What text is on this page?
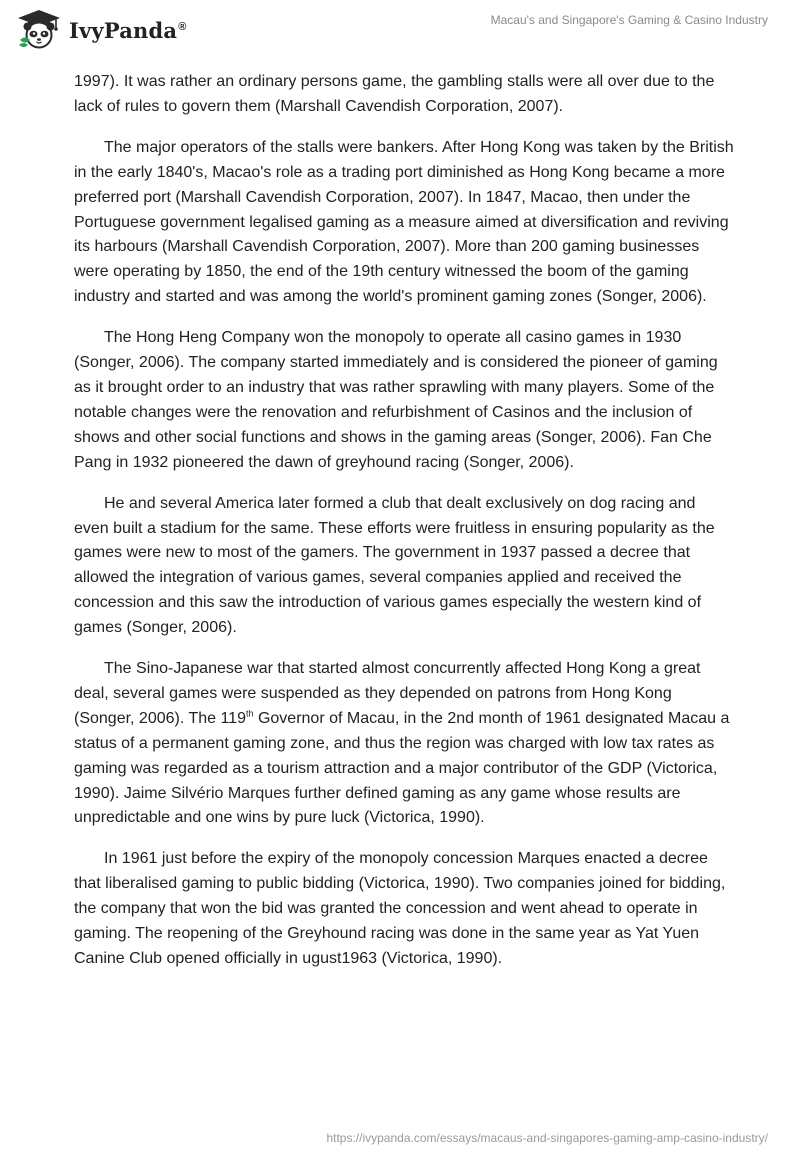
IvyPanda®	Macau's and Singapore's Gaming & Casino Industry

1997). It was rather an ordinary persons game, the gambling stalls were all over due to the lack of rules to govern them (Marshall Cavendish Corporation, 2007).

The major operators of the stalls were bankers. After Hong Kong was taken by the British in the early 1840's, Macao's role as a trading port diminished as Hong Kong became a more preferred port (Marshall Cavendish Corporation, 2007). In 1847, Macao, then under the Portuguese government legalised gaming as a measure aimed at diversification and reviving its harbours (Marshall Cavendish Corporation, 2007). More than 200 gaming businesses were operating by 1850, the end of the 19th century witnessed the boom of the gaming industry and started and was among the world's prominent gaming zones (Songer, 2006).

The Hong Heng Company won the monopoly to operate all casino games in 1930 (Songer, 2006). The company started immediately and is considered the pioneer of gaming as it brought order to an industry that was rather sprawling with many players. Some of the notable changes were the renovation and refurbishment of Casinos and the inclusion of shows and other social functions and shows in the gaming areas (Songer, 2006). Fan Che Pang in 1932 pioneered the dawn of greyhound racing (Songer, 2006).

He and several America later formed a club that dealt exclusively on dog racing and even built a stadium for the same. These efforts were fruitless in ensuring popularity as the games were new to most of the gamers. The government in 1937 passed a decree that allowed the integration of various games, several companies applied and received the concession and this saw the introduction of various games especially the western kind of games (Songer, 2006).

The Sino-Japanese war that started almost concurrently affected Hong Kong a great deal, several games were suspended as they depended on patrons from Hong Kong (Songer, 2006). The 119th Governor of Macau, in the 2nd month of 1961 designated Macau a status of a permanent gaming zone, and thus the region was charged with low tax rates as gaming was regarded as a tourism attraction and a major contributor of the GDP (Victorica, 1990). Jaime Silvério Marques further defined gaming as any game whose results are unpredictable and one wins by pure luck (Victorica, 1990).

In 1961 just before the expiry of the monopoly concession Marques enacted a decree that liberalised gaming to public bidding (Victorica, 1990). Two companies joined for bidding, the company that won the bid was granted the concession and went ahead to operate in gaming. The reopening of the Greyhound racing was done in the same year as Yat Yuen Canine Club opened officially in ugust1963 (Victorica, 1990).

https://ivypanda.com/essays/macaus-and-singapores-gaming-amp-casino-industry/
